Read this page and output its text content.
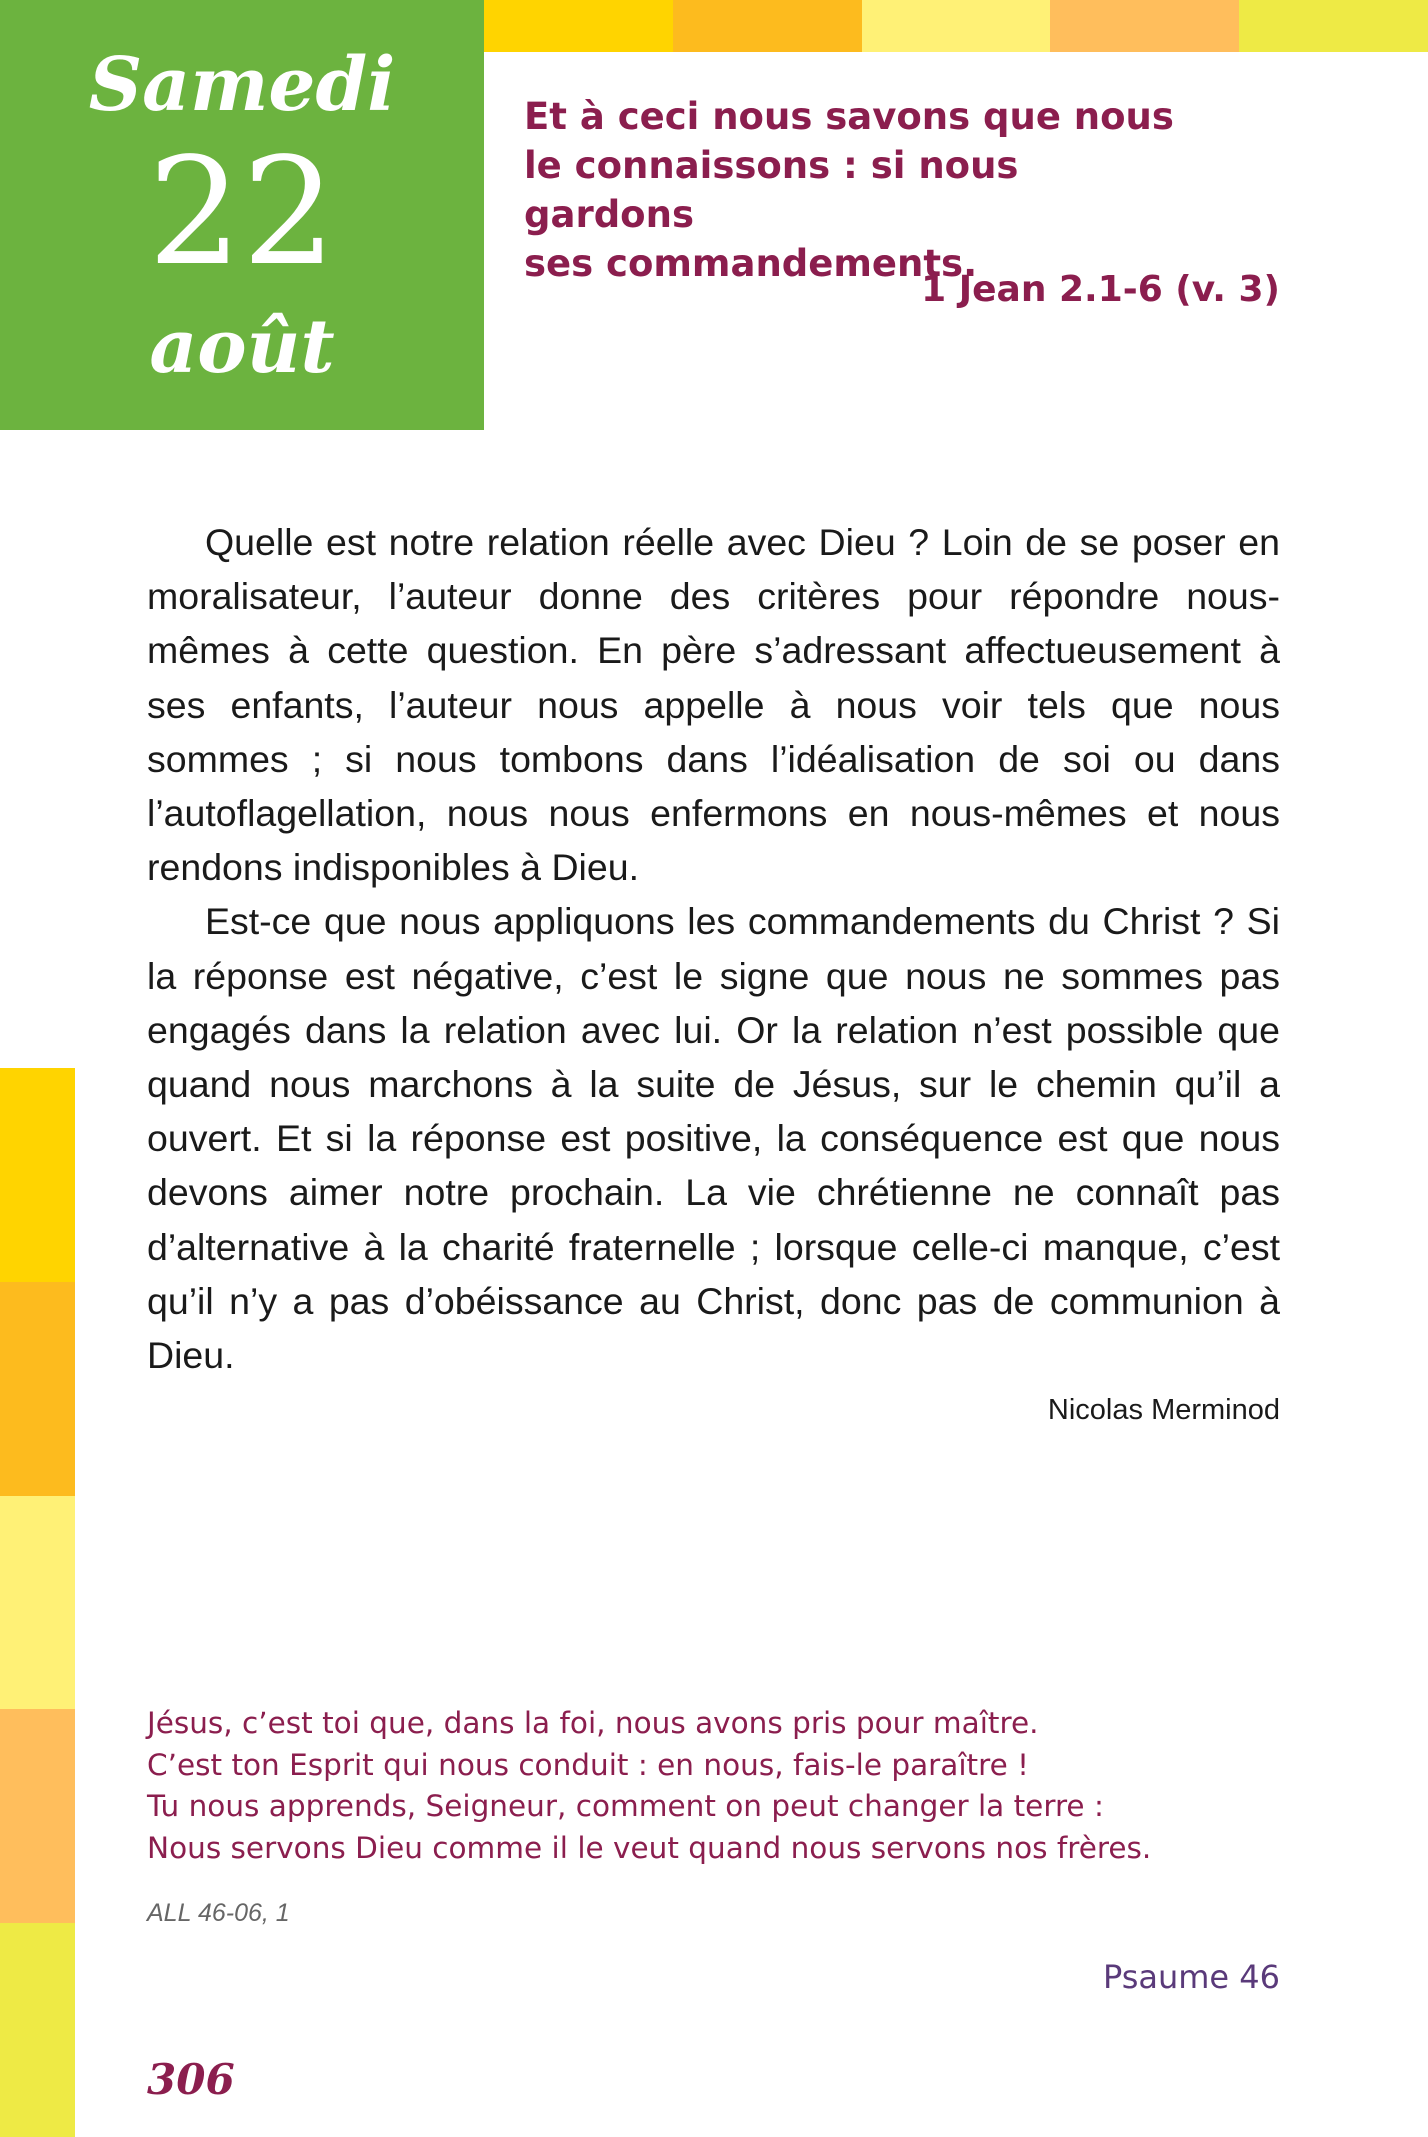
Samedi
22
août
Et à ceci nous savons que nous
le connaissons : si nous gardons
ses commandements.
1 Jean 2.1-6 (v. 3)

Quelle est notre relation réelle avec Dieu ? Loin de se poser en moralisateur, l’auteur donne des critères pour répondre nous-mêmes à cette question. En père s’adressant affectueusement à ses enfants, l’auteur nous appelle à nous voir tels que nous sommes ; si nous tombons dans l’idéalisation de soi ou dans l’autoflagellation, nous nous enfermons en nous-mêmes et nous rendons indisponibles à Dieu.

Est-ce que nous appliquons les commandements du Christ ? Si la réponse est négative, c’est le signe que nous ne sommes pas engagés dans la relation avec lui. Or la relation n’est possible que quand nous marchons à la suite de Jésus, sur le chemin qu’il a ouvert. Et si la réponse est positive, la conséquence est que nous devons aimer notre prochain. La vie chrétienne ne connaît pas d’alternative à la charité fraternelle ; lorsque celle-ci manque, c’est qu’il n’y a pas d’obéissance au Christ, donc pas de communion à Dieu.

Nicolas Merminod
Jésus, c’est toi que, dans la foi, nous avons pris pour maître.
C’est ton Esprit qui nous conduit : en nous, fais-le paraître !
Tu nous apprends, Seigneur, comment on peut changer la terre :
Nous servons Dieu comme il le veut quand nous servons nos frères.
ALL 46-06, 1
Psaume 46
306
